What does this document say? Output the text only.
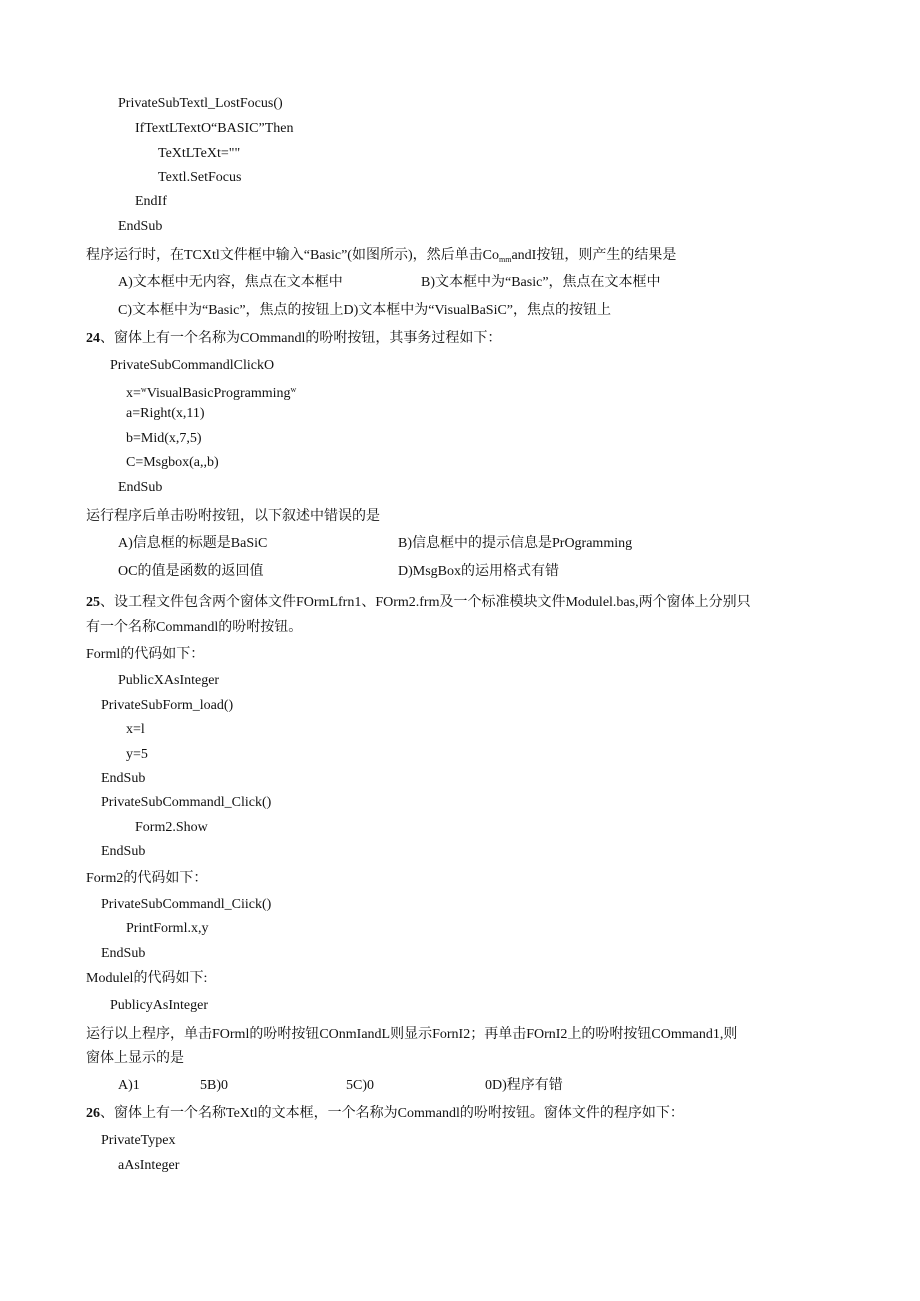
PrivateSubTextl_LostFocus()
IfTextLTextO“BASIC”Then
TeXtLTeXt=""
Textl.SetFocus
EndIf
EndSub
程序运行时，在TCXtl文件框中输入“Basic”(如图所示)，然后单击$Co_{mm}andI$按钮，则产生的结果是
A)文本框中无内容，焦点在文本框中	B)文本框中为“Basic”，焦点在文本框中
C)文本框中为“Basic”，焦点的按钮上D)文本框中为“VisualBaSiC”，焦点的按钮上
24、窗体上有一个名称为COmmandl的吩咐按钮，其事务过程如下：
PrivateSubCommandlClickO
x=$^w$VisualBasicProgramming$^w$
a=Right(x,11)
b=Mid(x,7,5)
C=Msgbox(a,,b)
EndSub
运行程序后单击吩咐按钮，以下叙述中错误的是
A)信息框的标题是BaSiC	B)信息框中的提示信息是PrOgramming
OC的值是函数的返回值	D)MsgBox的运用格式有错
25、设工程文件包含两个窗体文件FOrmLfrn1、FOrm2.frm及一个标准模块文件Modulel.bas,两个窗体上分别只
有一个名称Commandl的吩咐按钮。
Forml的代码如下：
PublicXAsInteger
PrivateSubForm_load()
x=l
y=5
EndSub
PrivateSubCommandl_Click()
Form2.Show
EndSub
Form2的代码如下：
PrivateSubCommandl_Ciick()
PrintForml.x,y
EndSub
Modulel的代码如下:
PublicyAsInteger
运行以上程序，单击FOrml的吩咐按钮COnmIandL则显示FornI2；再单击FOrnI2上的吩咐按钮COmmand1,则
窗体上显示的是
A)1	5B)0	5C)0	0D)程序有错
26、窗体上有一个名称TeXtl的文本框，一个名称为Commandl的吩咐按钮。窗体文件的程序如下：
PrivateTypex
aAsInteger
